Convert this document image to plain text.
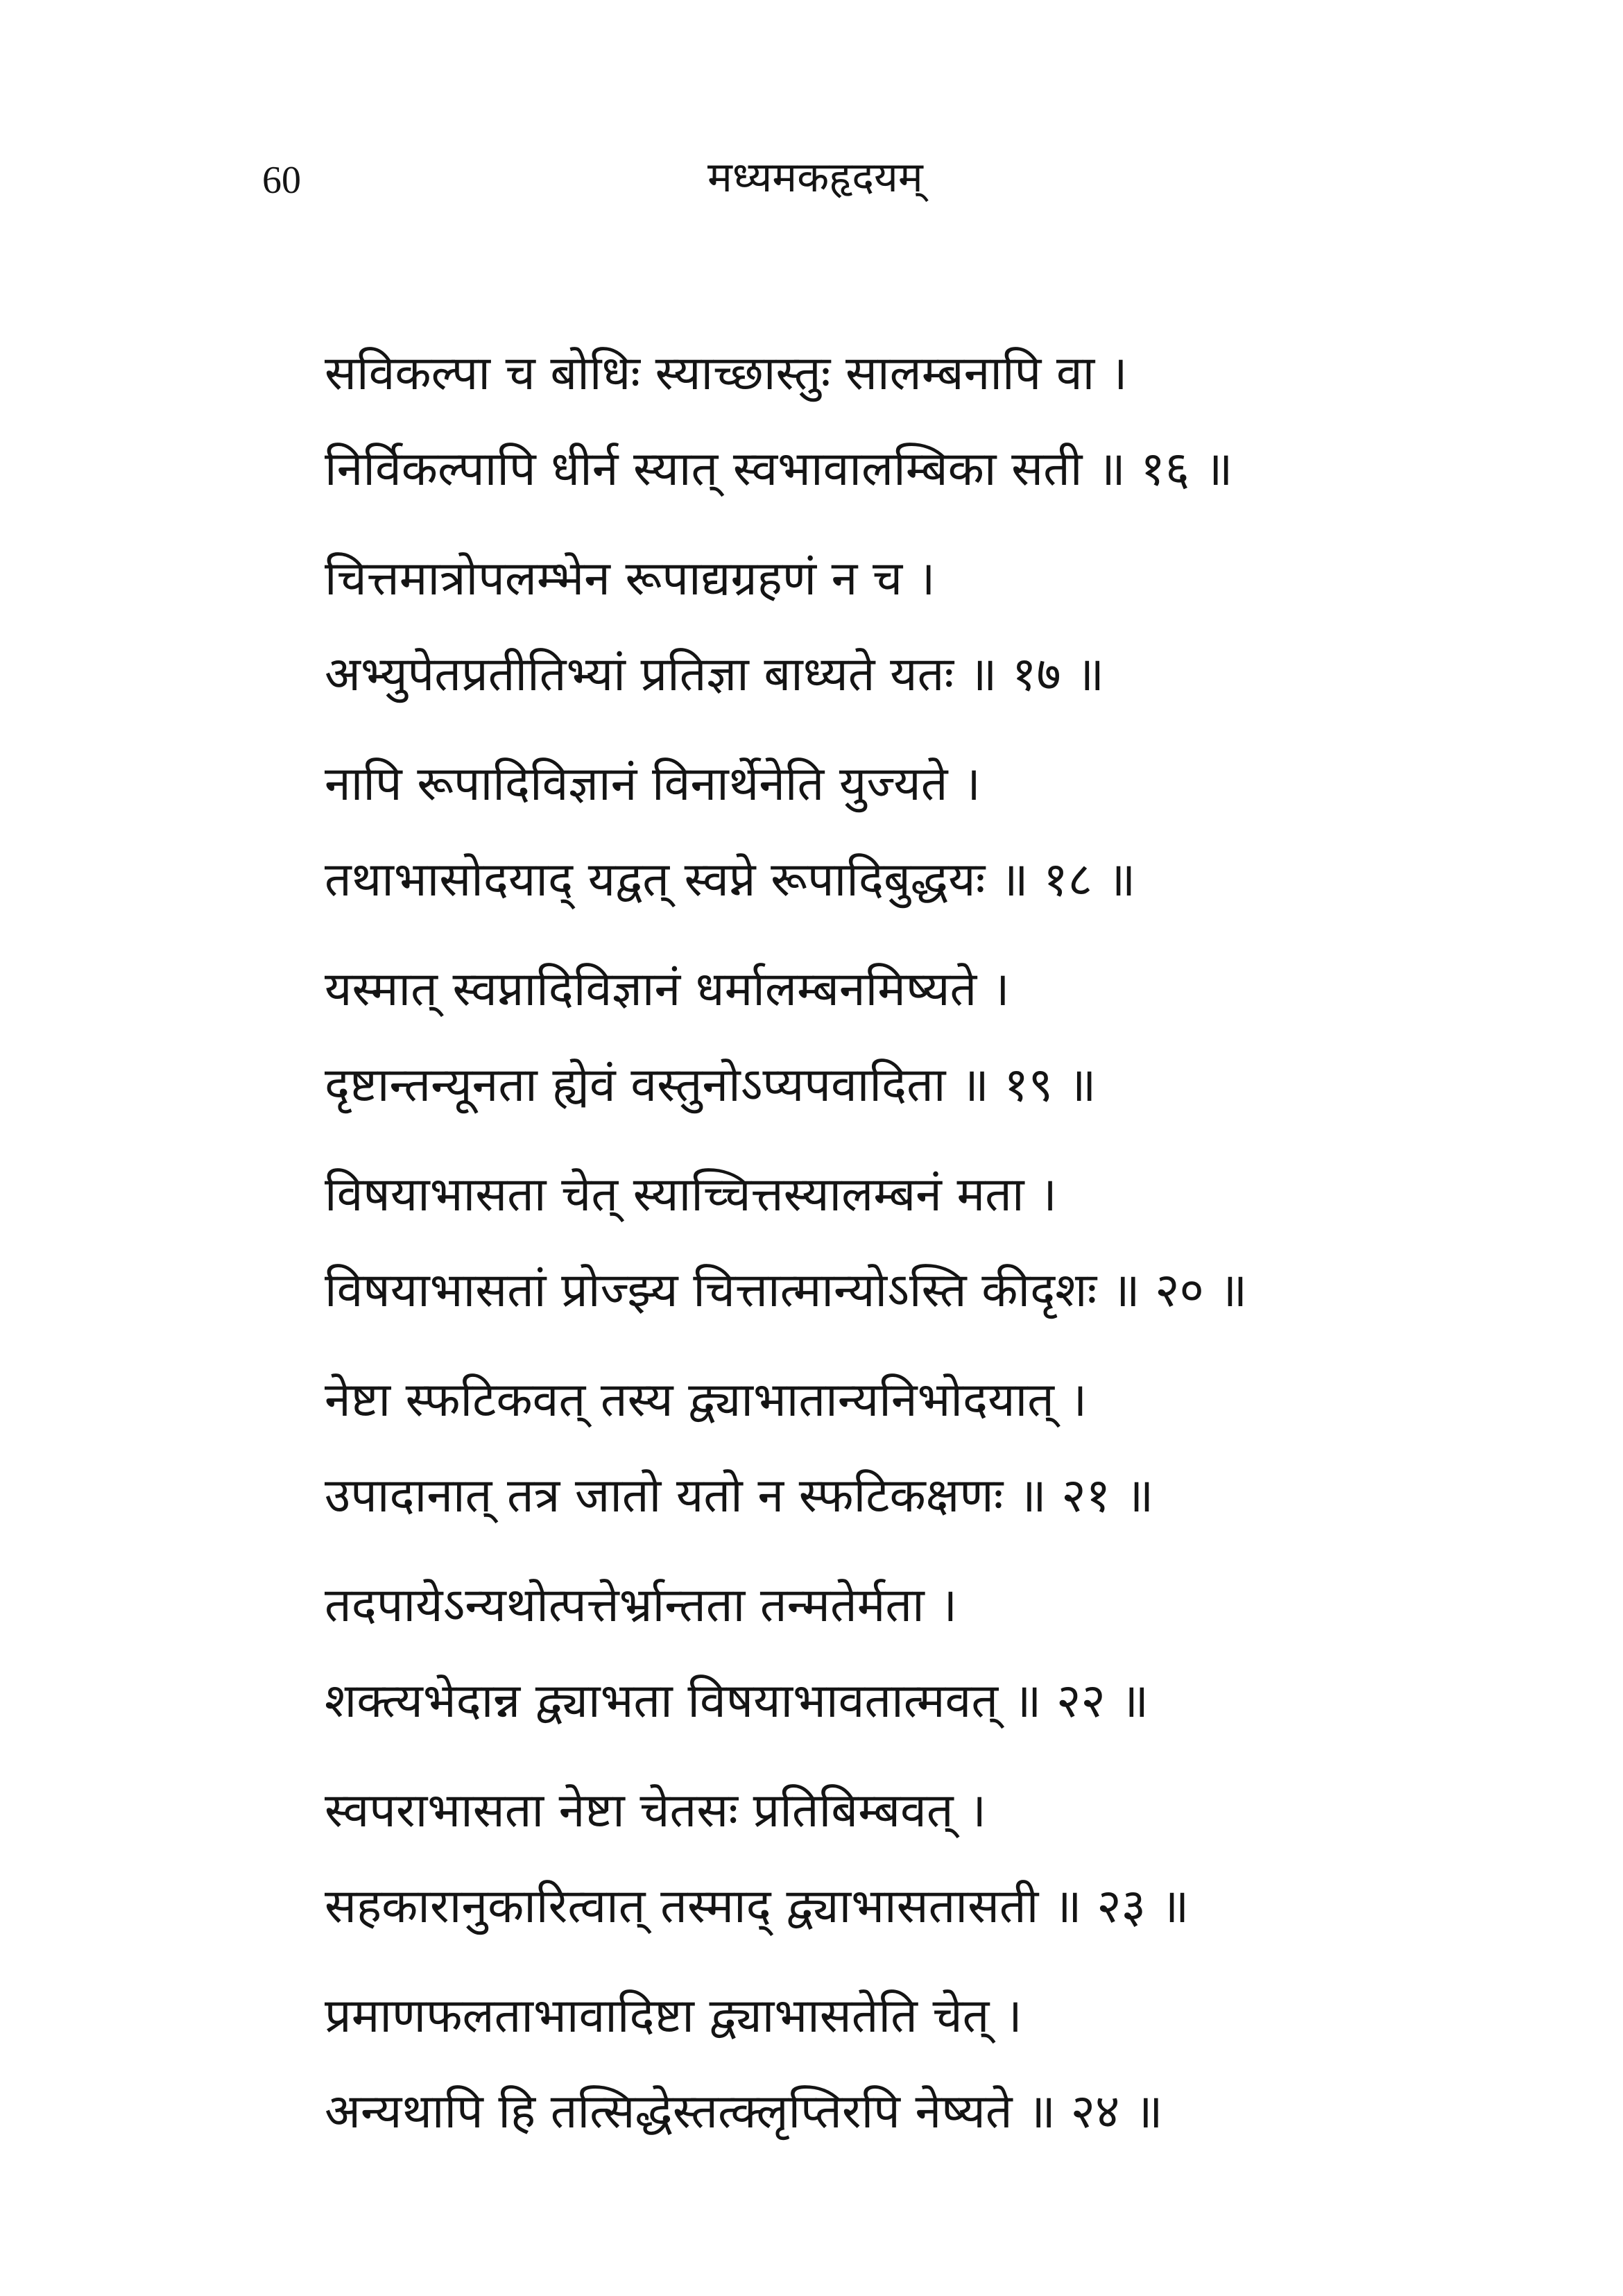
60	मध्यमकहृदयम्
सविकल्पा च बोधिः स्याच्छास्तुः सालम्बनापि वा ।
निर्विकल्पापि धीर्न स्यात् स्वभावालम्बिका सती ॥ १६ ॥
चित्तमात्रोपलम्भेन रूपाद्यग्रहणं न च ।
अभ्युपेतप्रतीतिभ्यां प्रतिज्ञा बाध्यते यतः ॥ १७ ॥
नापि रूपादिविज्ञानं विनार्थेनेति युज्यते ।
तथाभासोदयाद् यद्वत् स्वप्ने रूपादिबुद्धयः ॥ १८ ॥
यस्मात् स्वप्नादिविज्ञानं धर्मालम्बनमिष्यते ।
दृष्टान्तन्यूनता ह्येवं वस्तुनोऽप्यपवादिता ॥ १९ ॥
विषयाभासता चेत् स्याच्चित्तस्यालम्बनं मता ।
विषयाभासतां प्रोज्झ्य चित्तात्मान्योऽस्ति कीदृशः ॥ २० ॥
नेष्टा स्फटिकवत् तस्य द्व्याभातान्यनिभोदयात् ।
उपादानात् तत्र जातो यतो न स्फटिकक्षणः ॥ २१ ॥
तदपायेऽन्यथोत्पत्तेर्भ्रान्तता तन्मतेर्मता ।
शक्त्यभेदान्न द्व्याभता विषयाभावतात्मवत् ॥ २२ ॥
स्वपराभासता नेष्टा चेतसः प्रतिबिम्बवत् ।
सहकारानुकारित्वात् तस्माद् द्व्याभासतासती ॥ २३ ॥
प्रमाणफलताभावादिष्टा द्व्याभासतेति चेत् ।
अन्यथापि हि तत्सिद्धेस्तत्क्लृप्तिरपि नेष्यते ॥ २४ ॥
